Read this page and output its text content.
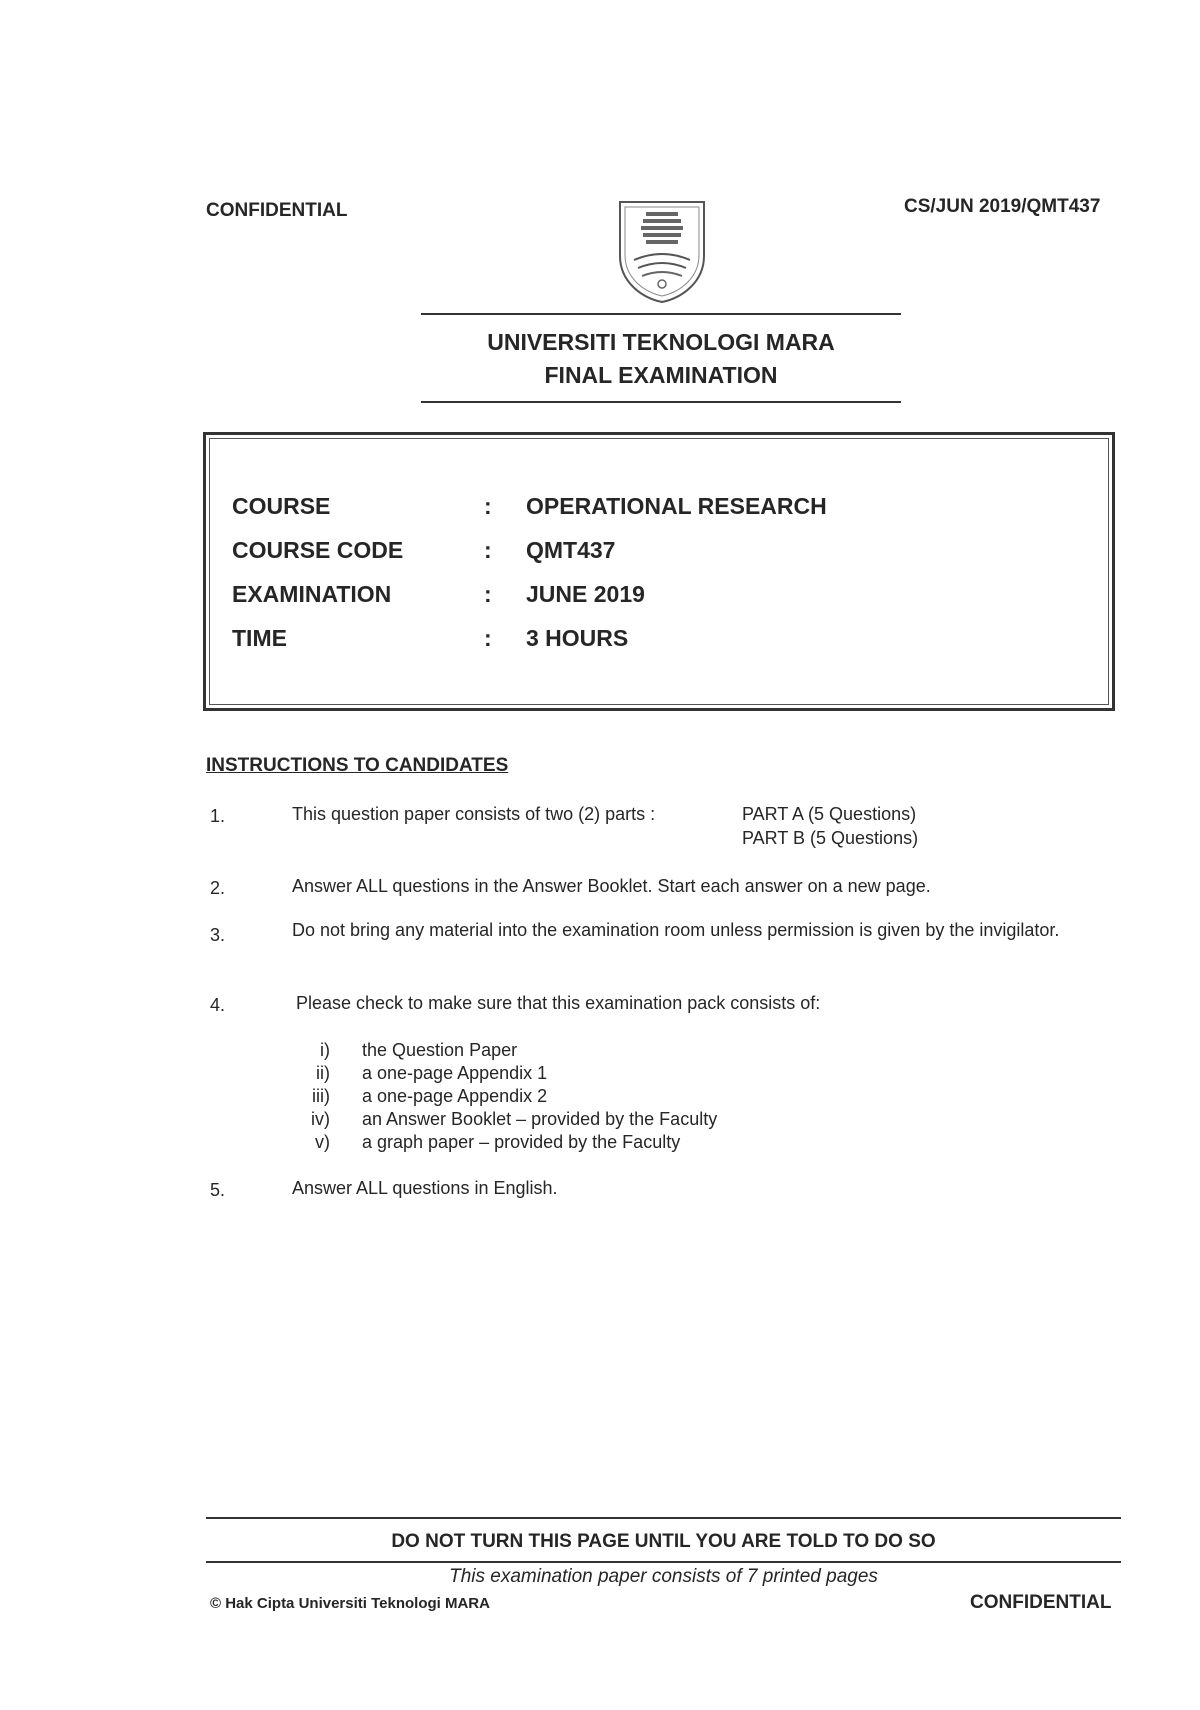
CONFIDENTIAL	CS/JUN 2019/QMT437
UNIVERSITI TEKNOLOGI MARA
FINAL EXAMINATION
COURSE	: OPERATIONAL RESEARCH
COURSE CODE	: QMT437
EXAMINATION	: JUNE 2019
TIME	: 3 HOURS
INSTRUCTIONS TO CANDIDATES
1.	This question paper consists of two (2) parts :	PART A (5 Questions)
PART B (5 Questions)
2.	Answer ALL questions in the Answer Booklet. Start each answer on a new page.
3.	Do not bring any material into the examination room unless permission is given by the invigilator.
4.	Please check to make sure that this examination pack consists of:
i) the Question Paper
ii) a one-page Appendix 1
iii) a one-page Appendix 2
iv) an Answer Booklet – provided by the Faculty
v) a graph paper – provided by the Faculty
5.	Answer ALL questions in English.
DO NOT TURN THIS PAGE UNTIL YOU ARE TOLD TO DO SO
This examination paper consists of 7 printed pages
© Hak Cipta Universiti Teknologi MARA	CONFIDENTIAL
